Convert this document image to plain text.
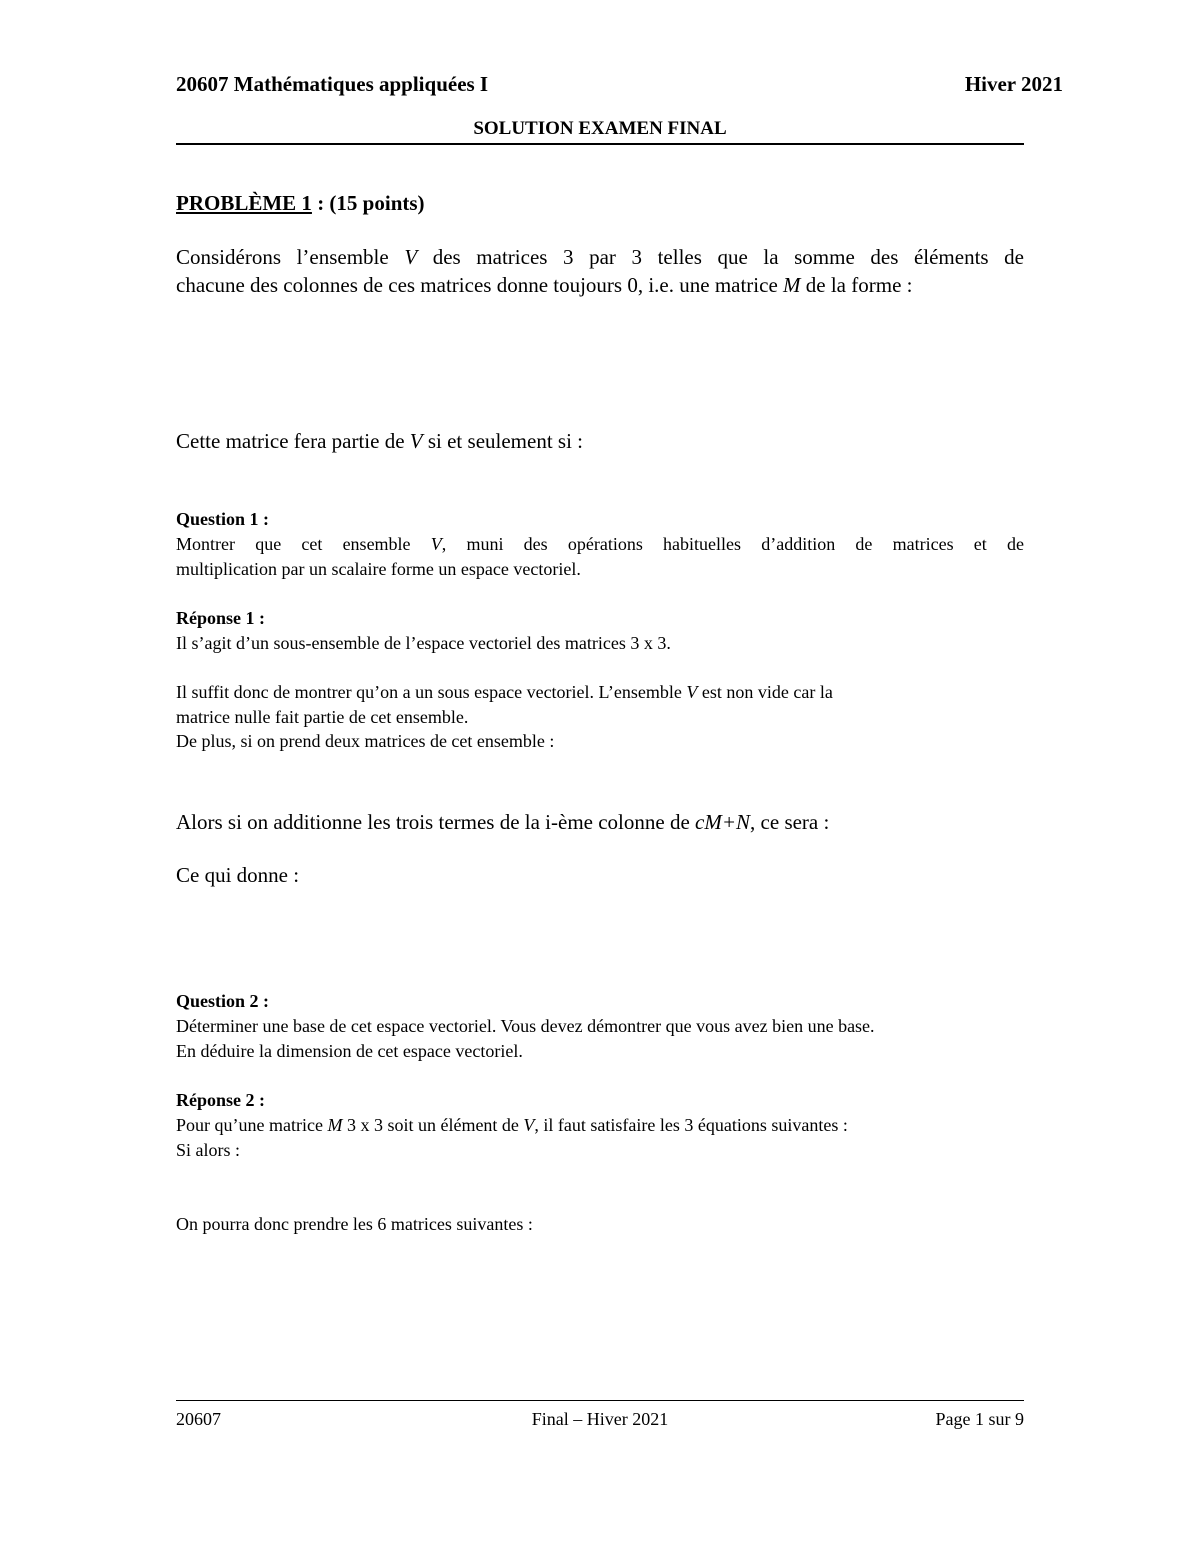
20607 Mathématiques appliquées I	Hiver 2021
SOLUTION EXAMEN FINAL
PROBLÈME 1 : (15 points)
Considérons l’ensemble V des matrices 3 par 3 telles que la somme des éléments de
chacune des colonnes de ces matrices donne toujours 0, i.e. une matrice M de la forme :
Cette matrice fera partie de V si et seulement si :
Question 1 :
Montrer que cet ensemble V, muni des opérations habituelles d’addition de matrices et de
multiplication par un scalaire forme un espace vectoriel.
Réponse 1 :
Il s’agit d’un sous-ensemble de l’espace vectoriel des matrices 3 x 3.
Il suffit donc de montrer qu’on a un sous espace vectoriel. L’ensemble V est non vide car la
matrice nulle fait partie de cet ensemble.
De plus, si on prend deux matrices de cet ensemble :
Alors si on additionne les trois termes de la i-ème colonne de cM+N, ce sera :
Ce qui donne :
Question 2 :
Déterminer une base de cet espace vectoriel. Vous devez démontrer que vous avez bien une base.
En déduire la dimension de cet espace vectoriel.
Réponse 2 :
Pour qu’une matrice M 3 x 3 soit un élément de V, il faut satisfaire les 3 équations suivantes :
Si alors :
On pourra donc prendre les 6 matrices suivantes :
20607	Final – Hiver 2021	Page 1 sur 9
